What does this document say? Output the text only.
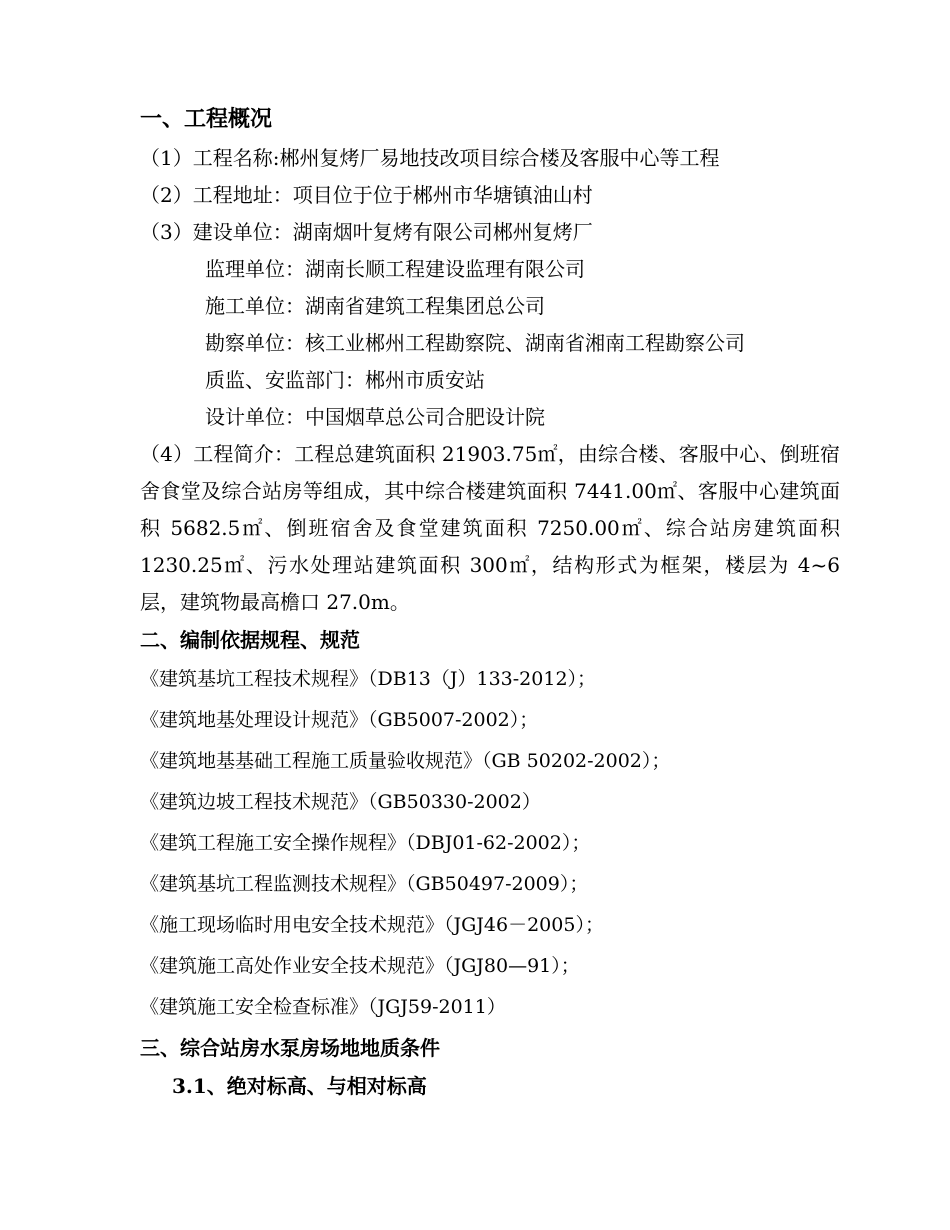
一、工程概况
（1）工程名称:郴州复烤厂易地技改项目综合楼及客服中心等工程
（2）工程地址：项目位于位于郴州市华塘镇油山村
（3）建设单位：湖南烟叶复烤有限公司郴州复烤厂
监理单位：湖南长顺工程建设监理有限公司
施工单位：湖南省建筑工程集团总公司
勘察单位：核工业郴州工程勘察院、湖南省湘南工程勘察公司
质监、安监部门：郴州市质安站
设计单位：中国烟草总公司合肥设计院
（4）工程简介：工程总建筑面积 21903.75㎡，由综合楼、客服中心、倒班宿舍食堂及综合站房等组成，其中综合楼建筑面积 7441.00㎡、客服中心建筑面积 5682.5㎡、倒班宿舍及食堂建筑面积 7250.00㎡、综合站房建筑面积 1230.25㎡、污水处理站建筑面积 300㎡，结构形式为框架，楼层为 4~6 层，建筑物最高檐口 27.0m。
二、编制依据规程、规范
《建筑基坑工程技术规程》（DB13（J）133-2012）；
《建筑地基处理设计规范》（GB5007-2002）；
《建筑地基基础工程施工质量验收规范》（GB 50202-2002）；
《建筑边坡工程技术规范》（GB50330-2002）
《建筑工程施工安全操作规程》（DBJ01-62-2002）；
《建筑基坑工程监测技术规程》（GB50497-2009）；
《施工现场临时用电安全技术规范》（JGJ46－2005）；
《建筑施工高处作业安全技术规范》（JGJ80—91）；
《建筑施工安全检查标准》（JGJ59-2011）
三、综合站房水泵房场地地质条件
3.1、绝对标高、与相对标高
